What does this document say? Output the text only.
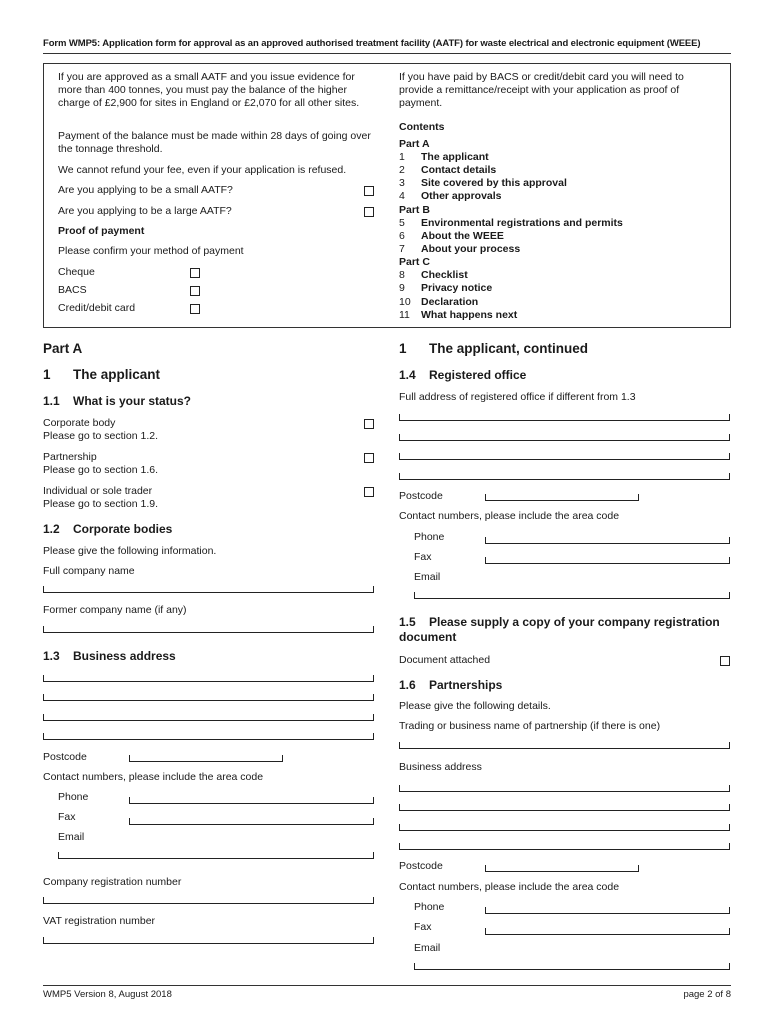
Form WMP5: Application form for approval as an approved authorised treatment facility (AATF) for waste electrical and electronic equipment (WEEE)
If you are approved as a small AATF and you issue evidence for more than 400 tonnes, you must pay the balance of the higher charge of £2,900 for sites in England or £2,070 for all other sites.
Payment of the balance must be made within 28 days of going over the tonnage threshold.
We cannot refund your fee, even if your application is refused.
Are you applying to be a small AATF?
Are you applying to be a large AATF?
Proof of payment
Please confirm your method of payment
Cheque
BACS
Credit/debit card
If you have paid by BACS or credit/debit card you will need to provide a remittance/receipt with your application as proof of payment.
Contents
Part A
1	The applicant
2	Contact details
3	Site covered by this approval
4	Other approvals
Part B
5	Environmental registrations and permits
6	About the WEEE
7	About your process
Part C
8	Checklist
9	Privacy notice
10 Declaration
11	What happens next
Part A
1 The applicant
1.1 What is your status?
Corporate body
Please go to section 1.2.
Partnership
Please go to section 1.6.
Individual or sole trader
Please go to section 1.9.
1.2 Corporate bodies
Please give the following information.
Full company name
Former company name (if any)
1.3 Business address
Postcode
Contact numbers, please include the area code
Phone
Fax
Email
Company registration number
VAT registration number
1 The applicant, continued
1.4 Registered office
Full address of registered office if different from 1.3
Postcode
Contact numbers, please include the area code
Phone
Fax
Email
1.5 Please supply a copy of your company registration document
Document attached
1.6 Partnerships
Please give the following details.
Trading or business name of partnership (if there is one)
Business address
Postcode
Contact numbers, please include the area code
Phone
Fax
Email
WMP5 Version 8, August 2018	page 2 of 8
